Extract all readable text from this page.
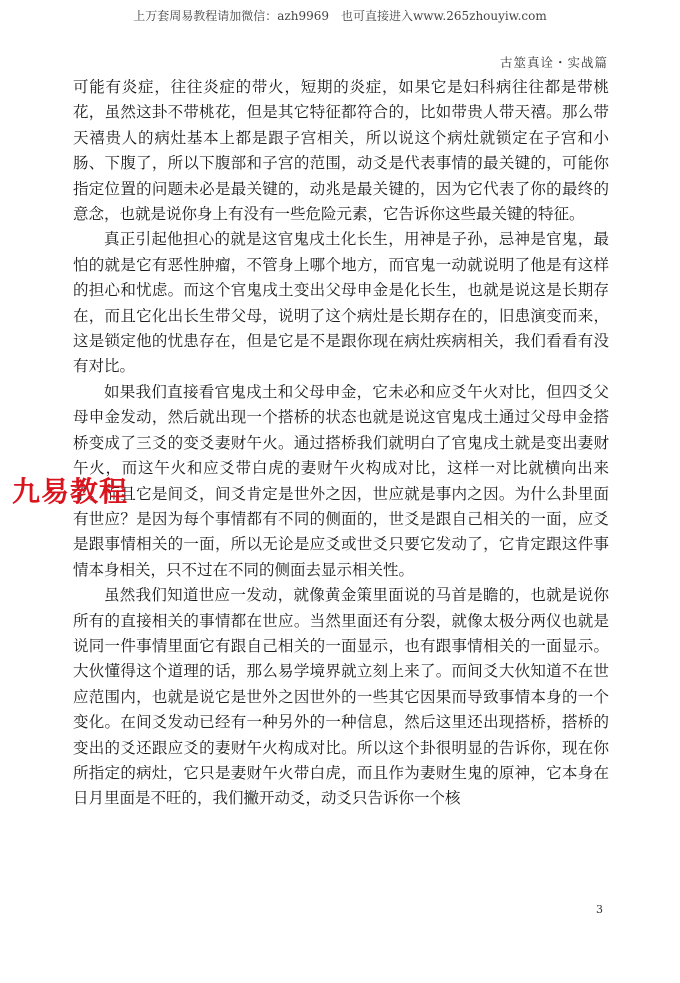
上万套周易教程请加微信：azh9969　也可直接进入www.265zhouyiw.com
古筮真诠・实战篇

可能有炎症，往往炎症的带火，短期的炎症，如果它是妇科病往往都是带桃花，虽然这卦不带桃花，但是其它特征都符合的，比如带贵人带天禧。那么带天禧贵人的病灶基本上都是跟子宫相关，所以说这个病灶就锁定在子宫和小肠、下腹了，所以下腹部和子宫的范围，动爻是代表事情的最关键的，可能你指定位置的问题未必是最关键的，动兆是最关键的，因为它代表了你的最终的意念，也就是说你身上有没有一些危险元素，它告诉你这些最关键的特征。

真正引起他担心的就是这官鬼戌土化长生，用神是子孙，忌神是官鬼，最怕的就是它有恶性肿瘤，不管身上哪个地方，而官鬼一动就说明了他是有这样的担心和忧虑。而这个官鬼戌土变出父母申金是化长生，也就是说这是长期存在，而且它化出长生带父母，说明了这个病灶是长期存在的，旧患演变而来，这是锁定他的忧患存在，但是它是不是跟你现在病灶疾病相关，我们看看有没有对比。

如果我们直接看官鬼戌土和父母申金，它未必和应爻午火对比，但四爻父母申金发动，然后就出现一个搭桥的状态也就是说这官鬼戌土通过父母申金搭桥变成了三爻的变爻妻财午火。通过搭桥我们就明白了官鬼戌土就是变出妻财午火，而这午火和应爻带白虎的妻财午火构成对比，这样一对比就横向出来了。而且它是间爻，间爻肯定是世外之因，世应就是事内之因。为什么卦里面有世应？是因为每个事情都有不同的侧面的，世爻是跟自己相关的一面，应爻是跟事情相关的一面，所以无论是应爻或世爻只要它发动了，它肯定跟这件事情本身相关，只不过在不同的侧面去显示相关性。

虽然我们知道世应一发动，就像黄金策里面说的马首是瞻的，也就是说你所有的直接相关的事情都在世应。当然里面还有分裂，就像太极分两仪也就是说同一件事情里面它有跟自己相关的一面显示，也有跟事情相关的一面显示。大伙懂得这个道理的话，那么易学境界就立刻上来了。而间爻大伙知道不在世应范围内，也就是说它是世外之因世外的一些其它因果而导致事情本身的一个变化。在间爻发动已经有一种另外的一种信息，然后这里还出现搭桥，搭桥的变出的爻还跟应爻的妻财午火构成对比。所以这个卦很明显的告诉你，现在你所指定的病灶，它只是妻财午火带白虎，而且作为妻财生鬼的原神，它本身在日月里面是不旺的，我们撇开动爻，动爻只告诉你一个核

九易教程
3
